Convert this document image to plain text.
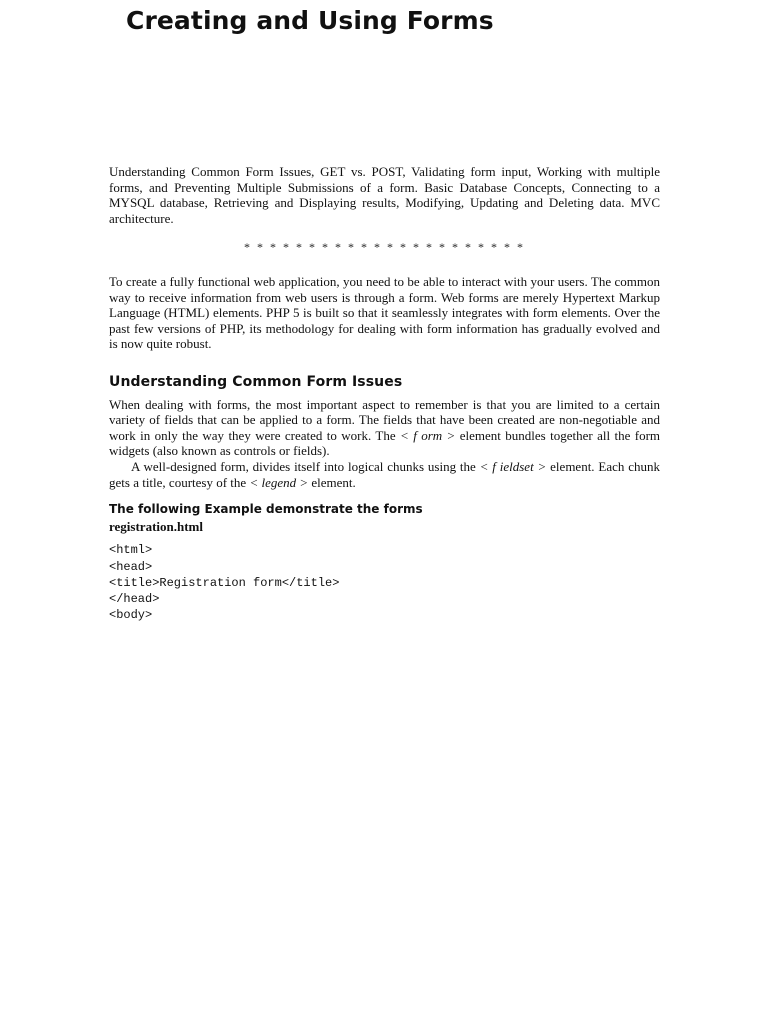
Creating and Using Forms

Understanding Common Form Issues, GET vs. POST, Validating form input, Working with multiple forms, and Preventing Multiple Submissions of a form. Basic Database Concepts, Connecting to a MYSQL database, Retrieving and Displaying results, Modifying, Updating and Deleting data. MVC architecture.

* * * * * * * * * * * * * * * * * * * * * *

To create a fully functional web application, you need to be able to interact with your users. The common way to receive information from web users is through a form. Web forms are merely Hypertext Markup Language (HTML) elements. PHP 5 is built so that it seamlessly integrates with form elements. Over the past few versions of PHP, its methodology for dealing with form information has gradually evolved and is now quite robust.

Understanding Common Form Issues

When dealing with forms, the most important aspect to remember is that you are limited to a certain variety of fields that can be applied to a form. The fields that have been created are non-negotiable and work in only the way they were created to work. The < f orm > element bundles together all the form widgets (also known as controls or fields).

A well-designed form, divides itself into logical chunks using the < f ieldset > element. Each chunk gets a title, courtesy of the < legend > element.

The following Example demonstrate the forms
registration.html
<html>
<head>
<title>Registration form</title>
</head>
<body>
